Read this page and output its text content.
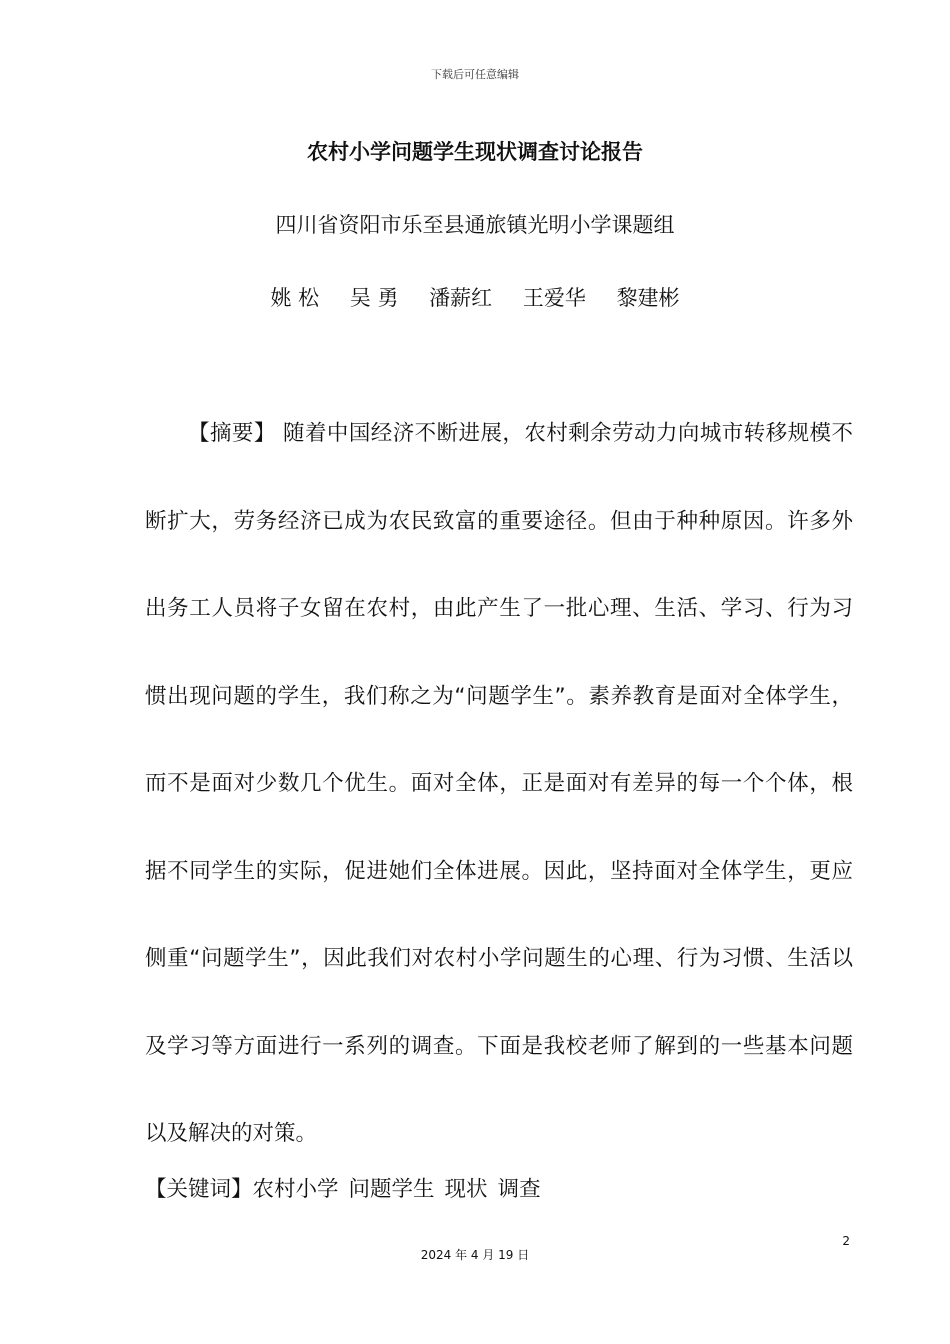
下载后可任意编辑
农村小学问题学生现状调查讨论报告
四川省资阳市乐至县通旅镇光明小学课题组
姚 松 吴 勇 潘薪红 王爱华 黎建彬
【摘要】 随着中国经济不断进展，农村剩余劳动力向城市转移规模不断扩大，劳务经济已成为农民致富的重要途径。但由于种种原因。许多外出务工人员将子女留在农村，由此产生了一批心理、生活、学习、行为习惯出现问题的学生，我们称之为“问题学生”。素养教育是面对全体学生，而不是面对少数几个优生。面对全体，正是面对有差异的每一个个体，根据不同学生的实际，促进她们全体进展。因此，坚持面对全体学生，更应侧重“问题学生”，因此我们对农村小学问题生的心理、行为习惯、生活以及学习等方面进行一系列的调查。下面是我校老师了解到的一些基本问题以及解决的对策。
【关键词】农村小学 问题学生 现状 调查
2
2024 年 4 月 19 日
